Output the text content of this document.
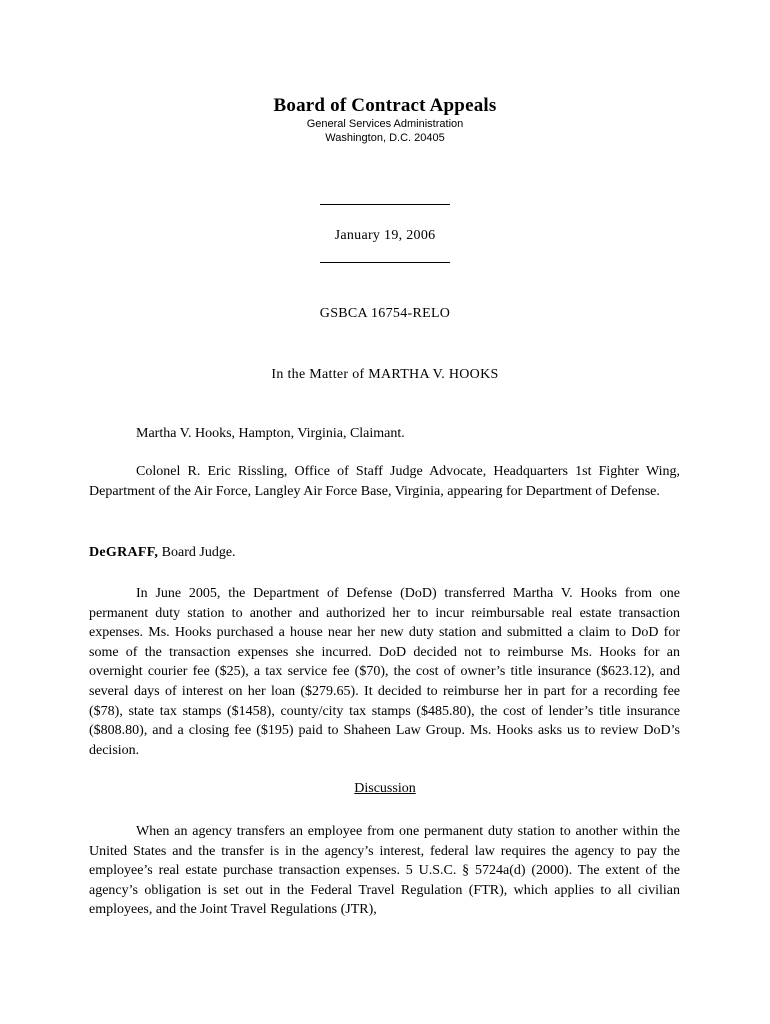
Board of Contract Appeals
General Services Administration
Washington, D.C. 20405
January 19, 2006
GSBCA 16754-RELO
In the Matter of MARTHA V. HOOKS

Martha V. Hooks, Hampton, Virginia, Claimant.

Colonel R. Eric Rissling, Office of Staff Judge Advocate, Headquarters 1st Fighter Wing, Department of the Air Force, Langley Air Force Base, Virginia, appearing for Department of Defense.

DeGRAFF, Board Judge.

In June 2005, the Department of Defense (DoD) transferred Martha V. Hooks from one permanent duty station to another and authorized her to incur reimbursable real estate transaction expenses. Ms. Hooks purchased a house near her new duty station and submitted a claim to DoD for some of the transaction expenses she incurred. DoD decided not to reimburse Ms. Hooks for an overnight courier fee ($25), a tax service fee ($70), the cost of owner’s title insurance ($623.12), and several days of interest on her loan ($279.65). It decided to reimburse her in part for a recording fee ($78), state tax stamps ($1458), county/city tax stamps ($485.80), the cost of lender’s title insurance ($808.80), and a closing fee ($195) paid to Shaheen Law Group. Ms. Hooks asks us to review DoD’s decision.

Discussion

When an agency transfers an employee from one permanent duty station to another within the United States and the transfer is in the agency’s interest, federal law requires the agency to pay the employee’s real estate purchase transaction expenses. 5 U.S.C. § 5724a(d) (2000). The extent of the agency’s obligation is set out in the Federal Travel Regulation (FTR), which applies to all civilian employees, and the Joint Travel Regulations (JTR),
